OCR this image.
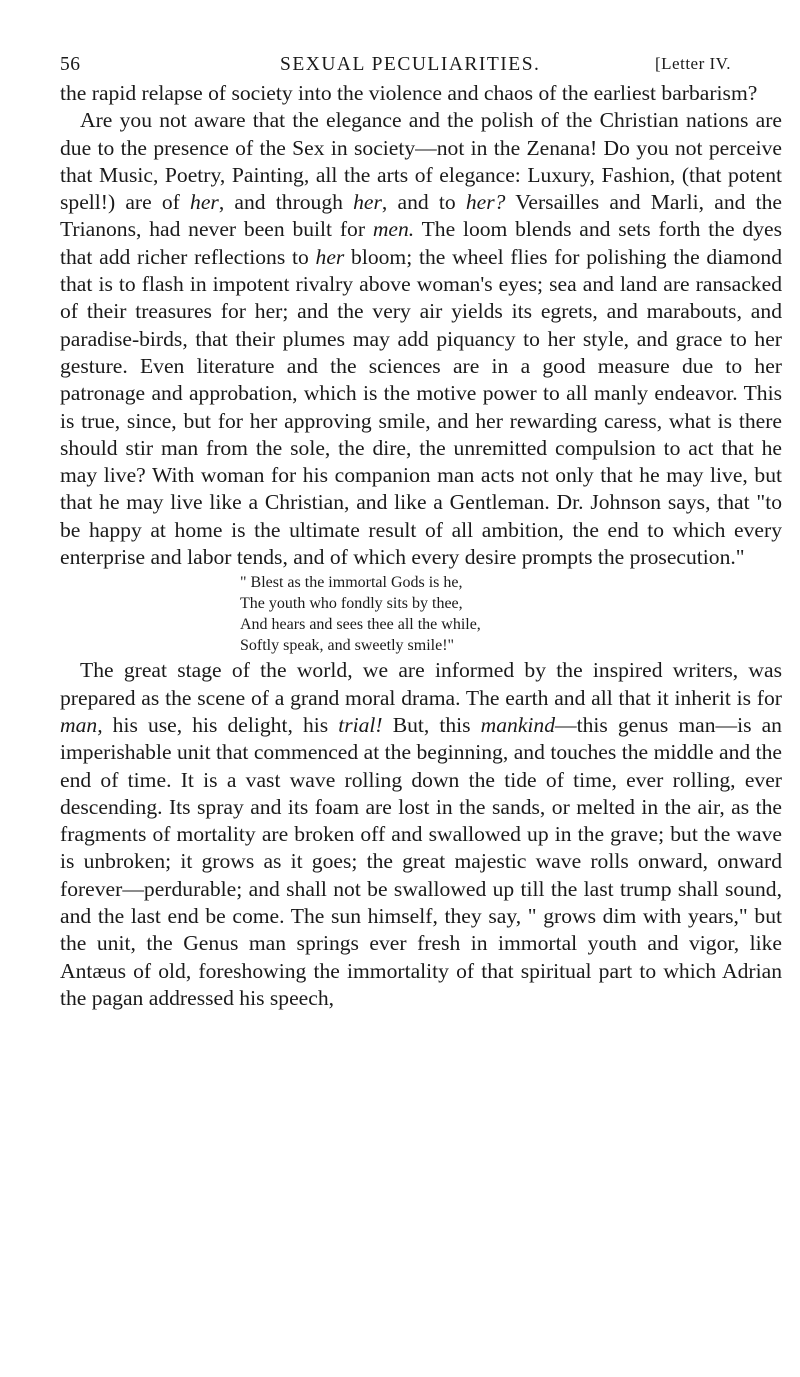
56	SEXUAL PECULIARITIES.	[Letter IV.

the rapid relapse of society into the violence and chaos of the earliest barbarism?

Are you not aware that the elegance and the polish of the Christian nations are due to the presence of the Sex in society—not in the Zenana! Do you not perceive that Music, Poetry, Painting, all the arts of elegance: Luxury, Fashion, (that potent spell!) are of her, and through her, and to her? Versailles and Marli, and the Trianons, had never been built for men. The loom blends and sets forth the dyes that add richer reflections to her bloom; the wheel flies for polishing the diamond that is to flash in impotent rivalry above woman's eyes; sea and land are ransacked of their treasures for her; and the very air yields its egrets, and marabouts, and paradise-birds, that their plumes may add piquancy to her style, and grace to her gesture. Even literature and the sciences are in a good measure due to her patronage and approbation, which is the motive power to all manly endeavor. This is true, since, but for her approving smile, and her rewarding caress, what is there should stir man from the sole, the dire, the unremitted compulsion to act that he may live? With woman for his companion man acts not only that he may live, but that he may live like a Christian, and like a Gentleman. Dr. Johnson says, that "to be happy at home is the ultimate result of all ambition, the end to which every enterprise and labor tends, and of which every desire prompts the prosecution."

" Blest as the immortal Gods is he,
The youth who fondly sits by thee,
And hears and sees thee all the while,
Softly speak, and sweetly smile!"

The great stage of the world, we are informed by the inspired writers, was prepared as the scene of a grand moral drama. The earth and all that it inherit is for man, his use, his delight, his trial! But, this mankind—this genus man—is an imperishable unit that commenced at the beginning, and touches the middle and the end of time. It is a vast wave rolling down the tide of time, ever rolling, ever descending. Its spray and its foam are lost in the sands, or melted in the air, as the fragments of mortality are broken off and swallowed up in the grave; but the wave is unbroken; it grows as it goes; the great majestic wave rolls onward, onward forever—perdurable; and shall not be swallowed up till the last trump shall sound, and the last end be come. The sun himself, they say, " grows dim with years," but the unit, the Genus man springs ever fresh in immortal youth and vigor, like Antæus of old, foreshowing the immortality of that spiritual part to which Adrian the pagan addressed his speech,
